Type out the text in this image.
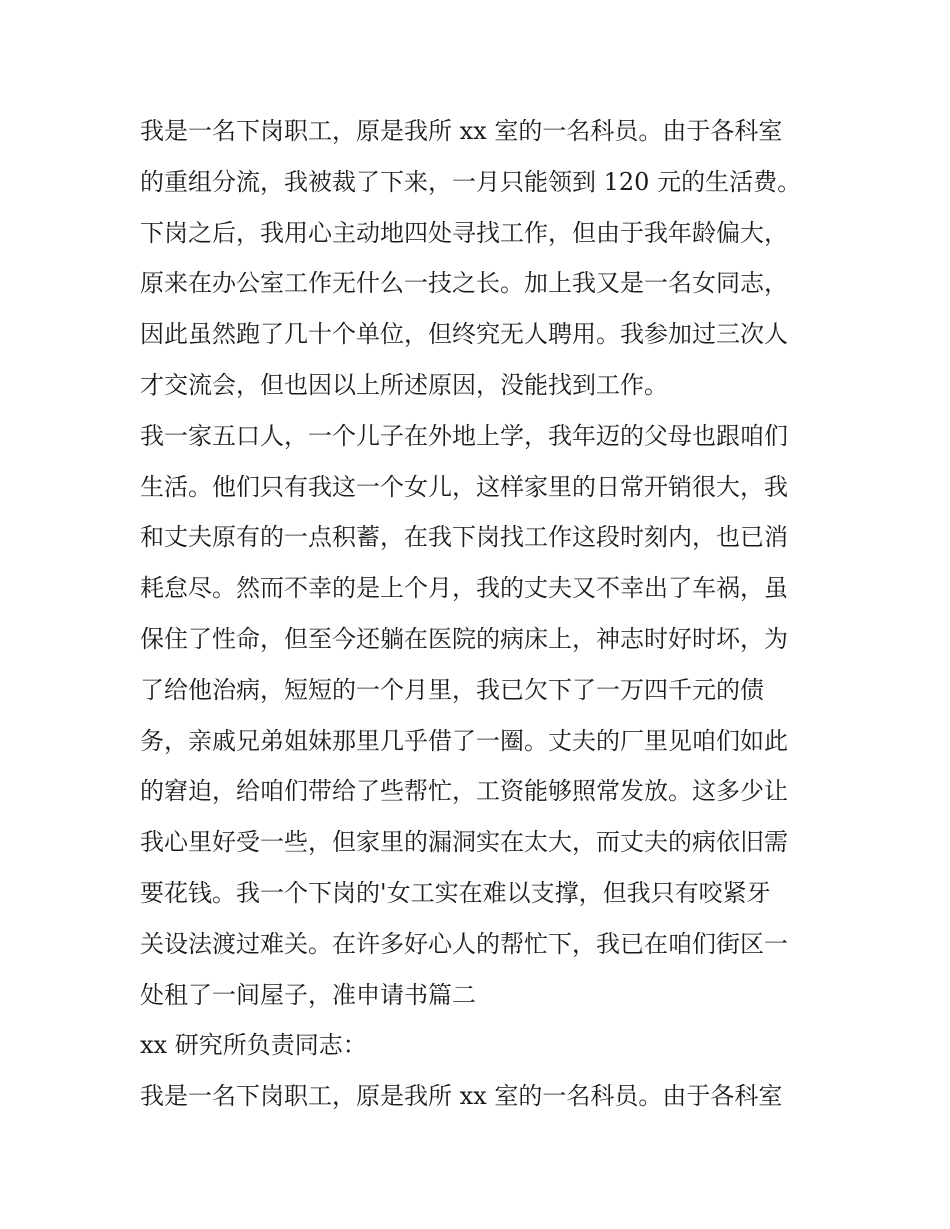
我是一名下岗职工，原是我所 xx 室的一名科员。由于各科室
的重组分流，我被裁了下来，一月只能领到 120 元的生活费。
下岗之后，我用心主动地四处寻找工作，但由于我年龄偏大，
原来在办公室工作无什么一技之长。加上我又是一名女同志，
因此虽然跑了几十个单位，但终究无人聘用。我参加过三次人
才交流会，但也因以上所述原因，没能找到工作。
我一家五口人，一个儿子在外地上学，我年迈的父母也跟咱们
生活。他们只有我这一个女儿，这样家里的日常开销很大，我
和丈夫原有的一点积蓄，在我下岗找工作这段时刻内，也已消
耗怠尽。然而不幸的是上个月，我的丈夫又不幸出了车祸，虽
保住了性命，但至今还躺在医院的病床上，神志时好时坏，为
了给他治病，短短的一个月里，我已欠下了一万四千元的债
务，亲戚兄弟姐妹那里几乎借了一圈。丈夫的厂里见咱们如此
的窘迫，给咱们带给了些帮忙，工资能够照常发放。这多少让
我心里好受一些，但家里的漏洞实在太大，而丈夫的病依旧需
要花钱。我一个下岗的'女工实在难以支撑，但我只有咬紧牙
关设法渡过难关。在许多好心人的帮忙下，我已在咱们街区一
处租了一间屋子，准申请书篇二
xx 研究所负责同志：
我是一名下岗职工，原是我所 xx 室的一名科员。由于各科室
